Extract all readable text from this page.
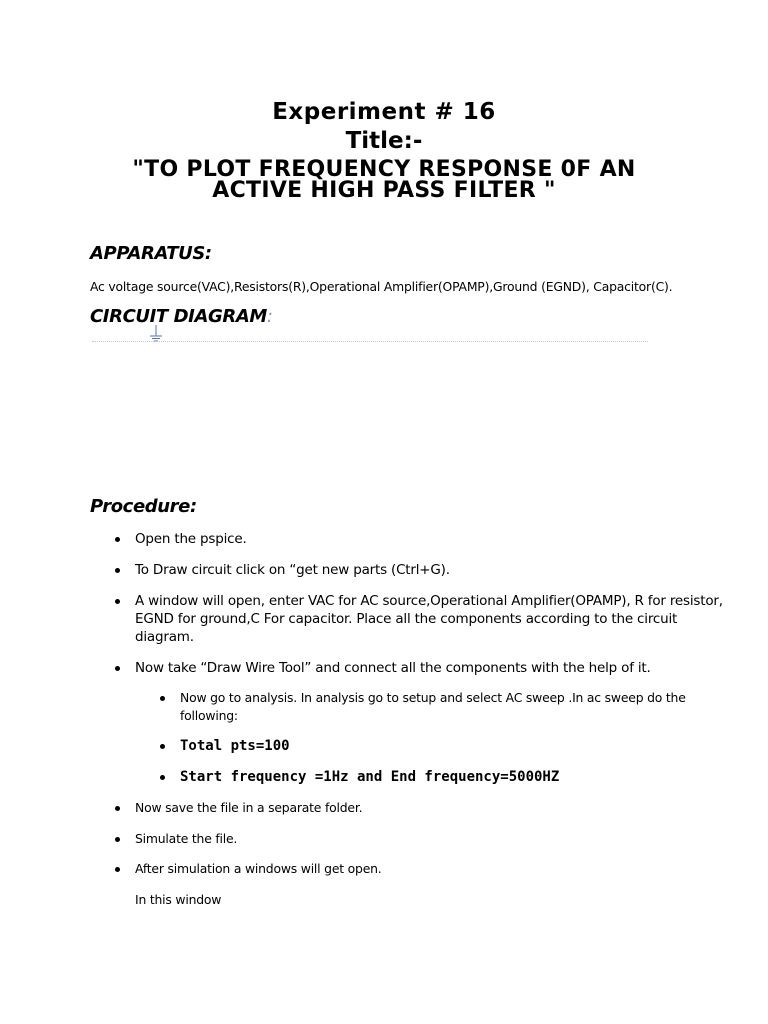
Experiment # 16
Title:-
"TO PLOT FREQUENCY RESPONSE 0F AN
ACTIVE HIGH PASS FILTER "
APPARATUS:
Ac voltage source(VAC),Resistors(R),Operational Amplifier(OPAMP),Ground (EGND), Capacitor(C).
CIRCUIT DIAGRAM:
Procedure:
Open the pspice.
To Draw circuit click on “get new parts (Ctrl+G).
A window will open, enter VAC for AC source,Operational Amplifier(OPAMP), R for resistor,
EGND for ground,C For capacitor. Place all the components according to the circuit
diagram.
Now take “Draw Wire Tool” and connect all the components with the help of it.
Now go to analysis. In analysis go to setup and select AC sweep .In ac sweep do the
following:
Total pts=100
Start frequency =1Hz and End frequency=5000HZ
Now save the file in a separate folder.
Simulate the file.
After simulation a windows will get open.
In this window
